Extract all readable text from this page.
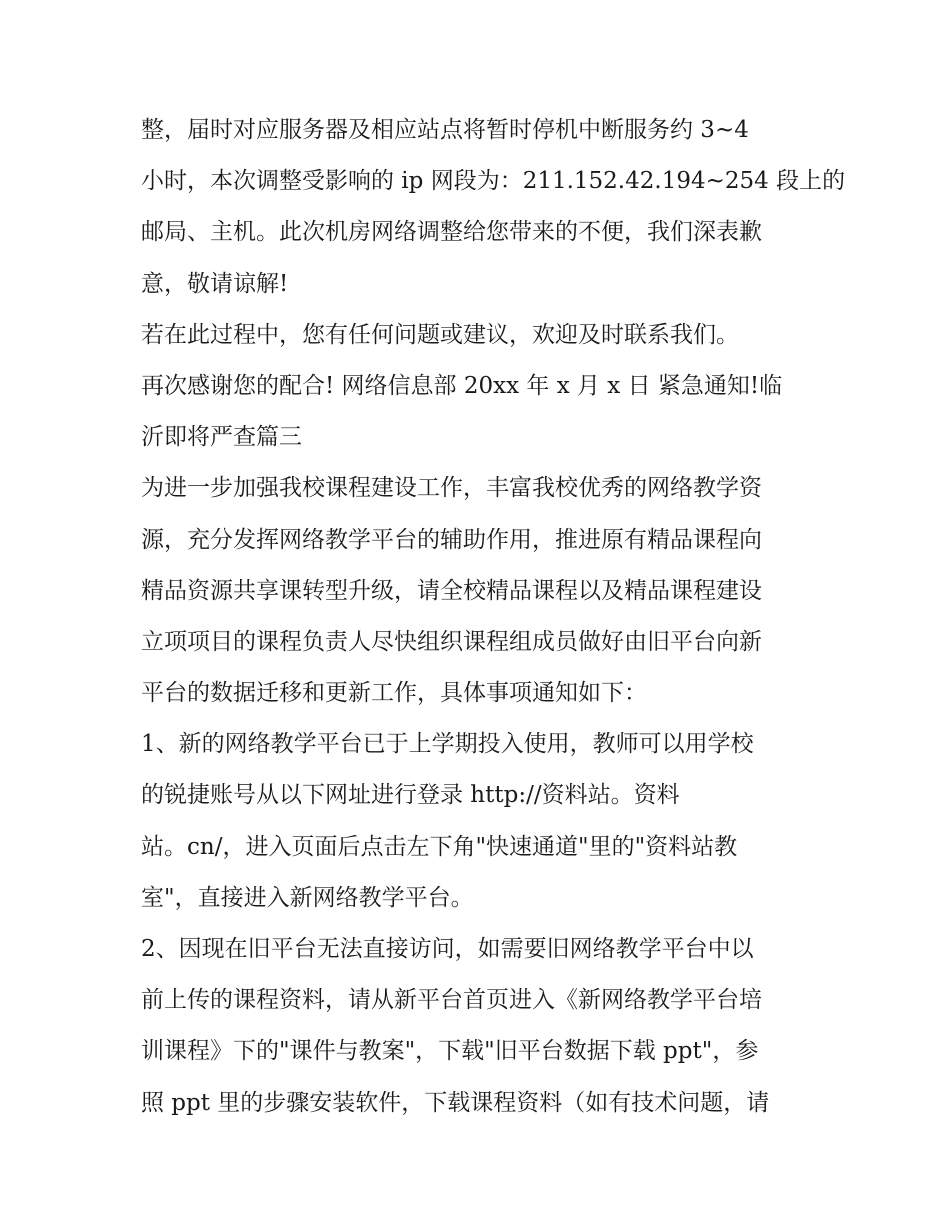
整，届时对应服务器及相应站点将暂时停机中断服务约 3~4
小时，本次调整受影响的 ip 网段为：211.152.42.194~254 段上的
邮局、主机。此次机房网络调整给您带来的不便，我们深表歉
意，敬请谅解!
若在此过程中，您有任何问题或建议，欢迎及时联系我们。
再次感谢您的配合! 网络信息部 20xx 年 x 月 x 日 紧急通知!临
沂即将严查篇三
为进一步加强我校课程建设工作，丰富我校优秀的网络教学资
源，充分发挥网络教学平台的辅助作用，推进原有精品课程向
精品资源共享课转型升级，请全校精品课程以及精品课程建设
立项项目的课程负责人尽快组织课程组成员做好由旧平台向新
平台的数据迁移和更新工作，具体事项通知如下：
1、新的网络教学平台已于上学期投入使用，教师可以用学校
的锐捷账号从以下网址进行登录 http://资料站。资料
站。cn/，进入页面后点击左下角"快速通道"里的"资料站教
室"，直接进入新网络教学平台。
2、因现在旧平台无法直接访问，如需要旧网络教学平台中以
前上传的课程资料，请从新平台首页进入《新网络教学平台培
训课程》下的"课件与教案"，下载"旧平台数据下载 ppt"，参
照 ppt 里的步骤安装软件，下载课程资料（如有技术问题，请
